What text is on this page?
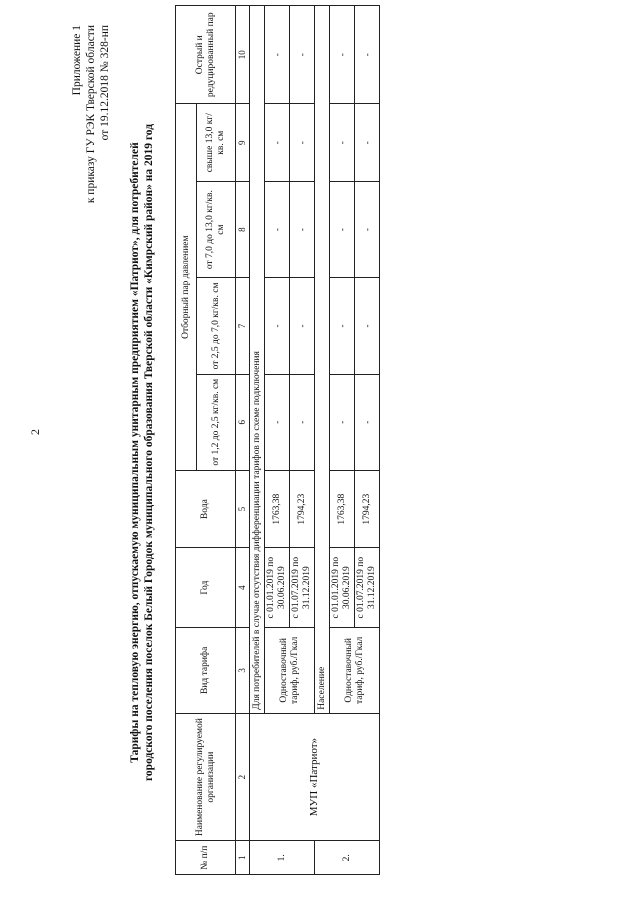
2
Приложение 1 к приказу ГУ РЭК Тверской области от 19.12.2018 № 328-нп
Тарифы на тепловую энергию, отпускаемую муниципальным унитарным предприятием «Патриот», для потребителей городского поселения поселок Белый Городок муниципального образования Тверской области «Кимрский район» на 2019 год
№ п/п	Наименование регулируемой организации	Вид тарифа	Год	Вода	Отборный пар давлением				Острый и редуцированный пар
					от 1,2 до 2,5 кг/кв. см	от 2,5 до 7,0 кг/кв. см	от 7,0 до 13,0 кг/кв. см	свыше 13,0 кг/кв. см	
1	2	3	4	5	6	7	8	9	10
1.	МУП «Патриот»	Для потребителей в случае отсутствия дифференциации тарифов по схеме подключения							
		Одноставочный тариф, руб./Гкал	с 01.01.2019 по 30.06.2019	1763,38	-	-	-	-	-
			с 01.07.2019 по 31.12.2019	1794,23	-	-	-	-	-
2.		Население							
		Одноставочный тариф, руб./Гкал	с 01.01.2019 по 30.06.2019	1763,38	-	-	-	-	-
			с 01.07.2019 по 31.12.2019	1794,23	-	-	-	-	-
